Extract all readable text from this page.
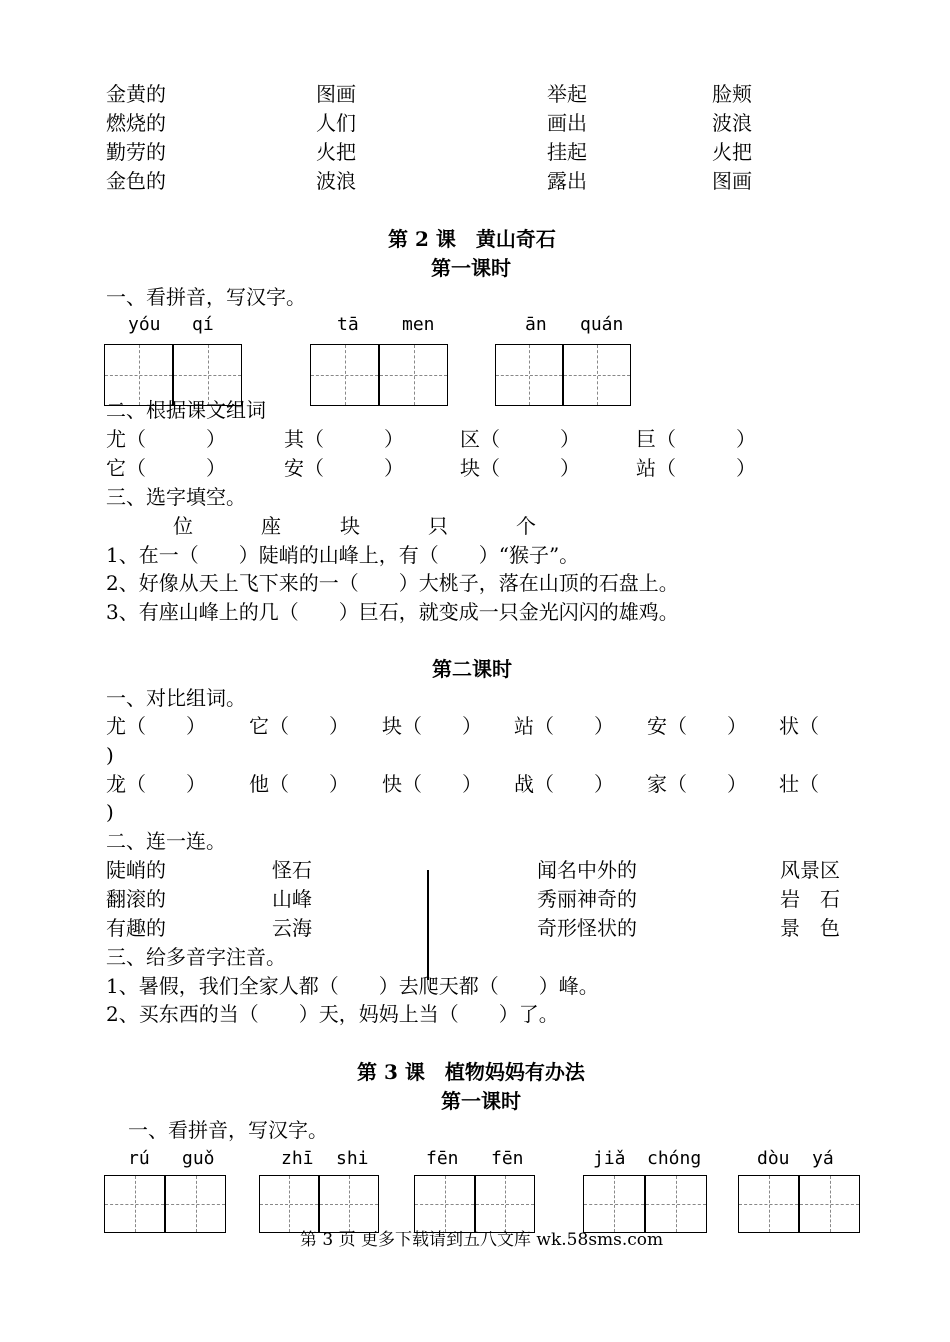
金黄的	图画	举起	脸颊
燃烧的	人们	画出	波浪
勤劳的	火把	挂起	火把
金色的	波浪	露出	图画
第 2 课　黄山奇石
第一课时
一、看拼音，写汉字。
yóu qí	tā men	ān quán
二、根据课文组词
尤（　　　）	其（　　　）	区（　　　）	巨（　　　）
它（　　　）	安（　　　）	块（　　　）	站（　　　）
三、选字填空。
位	座	块	只	个
1、在一（　　）陡峭的山峰上，有（　　）“猴子”。
2、好像从天上飞下来的一（　　）大桃子，落在山顶的石盘上。
3、有座山峰上的几（　　）巨石，就变成一只金光闪闪的雄鸡。
第二课时
一、对比组词。
尤（　　） 它（　　） 块（　　） 站（　　） 安（　　） 状（
)
龙（　　） 他（　　） 快（　　） 战（　　） 家（　　） 壮（
)
二、连一连。
陡峭的	怪石	闻名中外的	风景区
翻滚的	山峰	秀丽神奇的	岩　石
有趣的	云海	奇形怪状的	景　色
三、给多音字注音。
1、暑假，我们全家人都（　　）去爬天都（　　）峰。
2、买东西的当（　　）天，妈妈上当（　　）了。
第 3 课　植物妈妈有办法
第一课时
一、看拼音，写汉字。
rú guǒ	zhī shi	fēn fēn	jiǎ chóng	dòu yá
第 3 页 更多下载请到五八文库 wk.58sms.com
